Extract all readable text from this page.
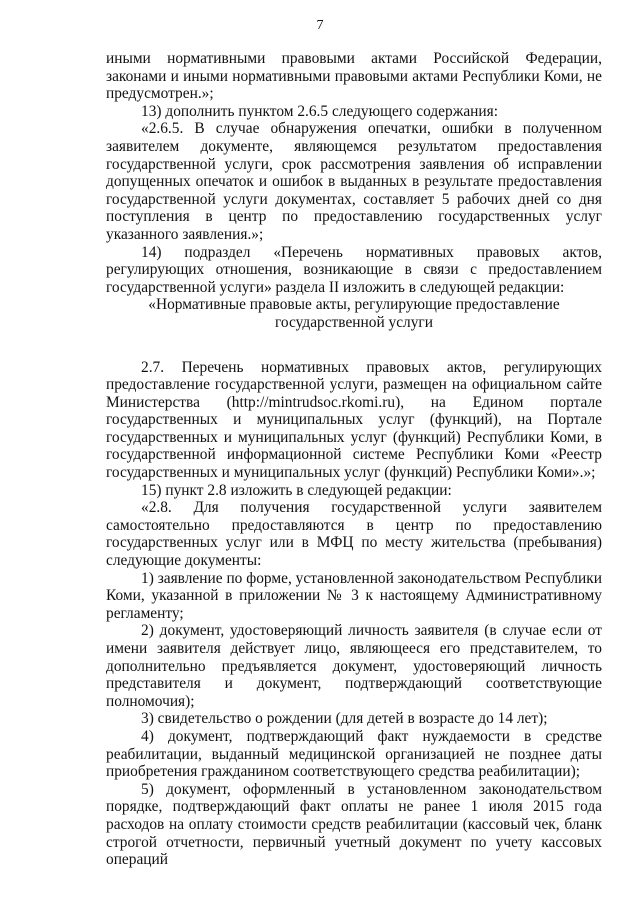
7

иными нормативными правовыми актами Российской Федерации, законами и иными нормативными правовыми актами Республики Коми, не предусмотрен.»;

13) дополнить пунктом 2.6.5 следующего содержания:

«2.6.5. В случае обнаружения опечатки, ошибки в полученном заявителем документе, являющемся результатом предоставления государственной услуги, срок рассмотрения заявления об исправлении допущенных опечаток и ошибок в выданных в результате предоставления государственной услуги документах, составляет 5 рабочих дней со дня поступления в центр по предоставлению государственных услуг указанного заявления.»;

14) подраздел «Перечень нормативных правовых актов, регулирующих отношения, возникающие в связи с предоставлением государственной услуги» раздела II изложить в следующей редакции:

«Нормативные правовые акты, регулирующие предоставление государственной услуги

2.7. Перечень нормативных правовых актов, регулирующих предоставление государственной услуги, размещен на официальном сайте Министерства (http://mintrudsoc.rkomi.ru), на Едином портале государственных и муниципальных услуг (функций), на Портале государственных и муниципальных услуг (функций) Республики Коми, в государственной информационной системе Республики Коми «Реестр государственных и муниципальных услуг (функций) Республики Коми».»;

15) пункт 2.8 изложить в следующей редакции:

«2.8. Для получения государственной услуги заявителем самостоятельно предоставляются в центр по предоставлению государственных услуг или в МФЦ по месту жительства (пребывания) следующие документы:

1) заявление по форме, установленной законодательством Республики Коми, указанной в приложении № 3 к настоящему Административному регламенту;

2) документ, удостоверяющий личность заявителя (в случае если от имени заявителя действует лицо, являющееся его представителем, то дополнительно предъявляется документ, удостоверяющий личность представителя и документ, подтверждающий соответствующие полномочия);

3) свидетельство о рождении (для детей в возрасте до 14 лет);

4) документ, подтверждающий факт нуждаемости в средстве реабилитации, выданный медицинской организацией не позднее даты приобретения гражданином соответствующего средства реабилитации);

5) документ, оформленный в установленном законодательством порядке, подтверждающий факт оплаты не ранее 1 июля 2015 года расходов на оплату стоимости средств реабилитации (кассовый чек, бланк строгой отчетности, первичный учетный документ по учету кассовых операций
